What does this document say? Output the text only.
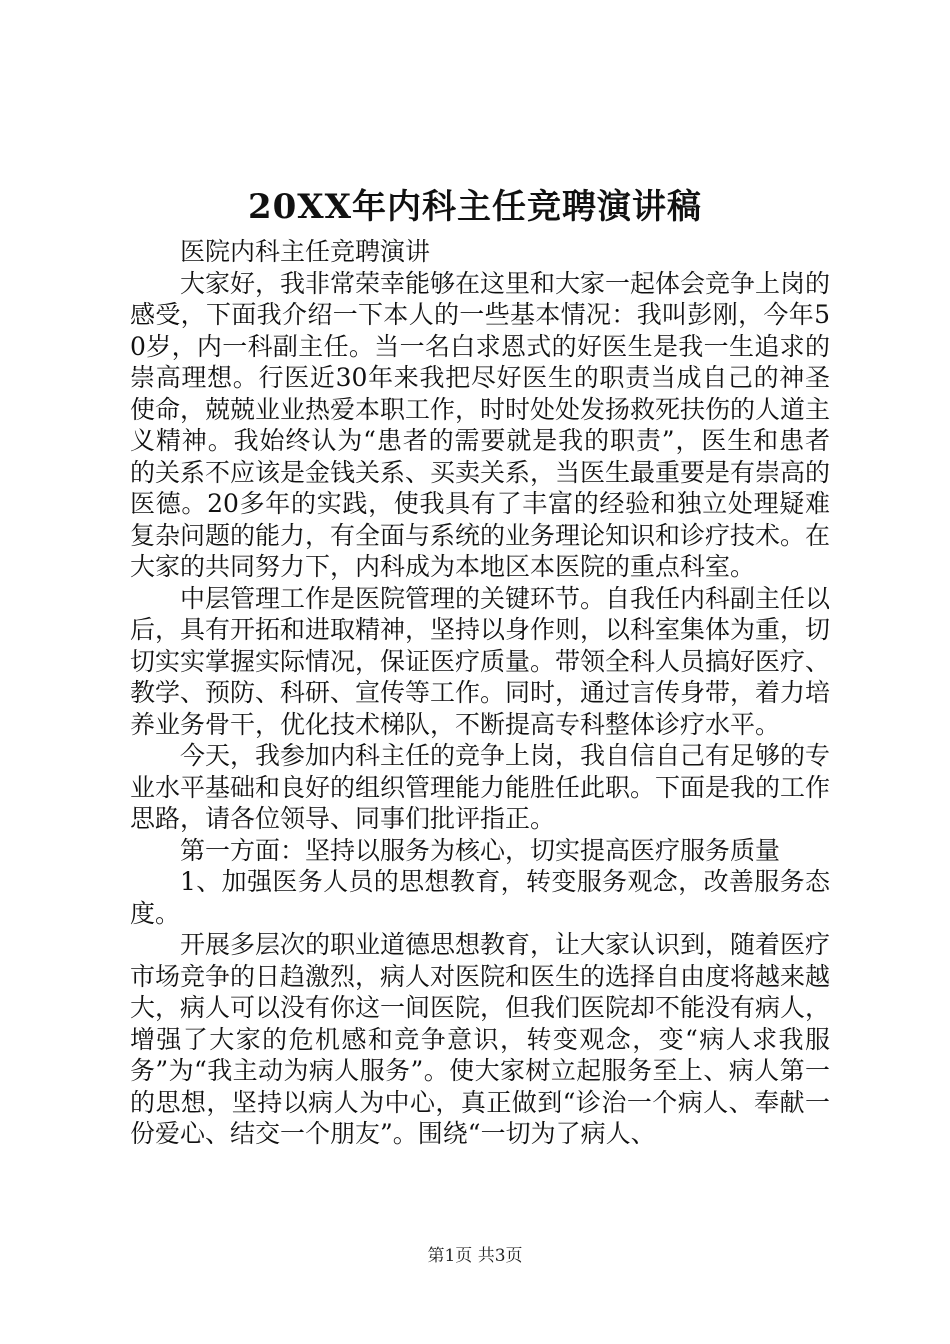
20XX年内科主任竞聘演讲稿

医院内科主任竞聘演讲

大家好，我非常荣幸能够在这里和大家一起体会竞争上岗的感受，下面我介绍一下本人的一些基本情况：我叫彭刚，今年50岁，内一科副主任。当一名白求恩式的好医生是我一生追求的崇高理想。行医近30年来我把尽好医生的职责当成自己的神圣使命，兢兢业业热爱本职工作，时时处处发扬救死扶伤的人道主义精神。我始终认为“患者的需要就是我的职责”，医生和患者的关系不应该是金钱关系、买卖关系，当医生最重要是有崇高的医德。20多年的实践，使我具有了丰富的经验和独立处理疑难复杂问题的能力，有全面与系统的业务理论知识和诊疗技术。在大家的共同努力下，内科成为本地区本医院的重点科室。

中层管理工作是医院管理的关键环节。自我任内科副主任以后，具有开拓和进取精神，坚持以身作则，以科室集体为重，切切实实掌握实际情况，保证医疗质量。带领全科人员搞好医疗、教学、预防、科研、宣传等工作。同时，通过言传身带，着力培养业务骨干，优化技术梯队，不断提高专科整体诊疗水平。

今天，我参加内科主任的竞争上岗，我自信自己有足够的专业水平基础和良好的组织管理能力能胜任此职。下面是我的工作思路，请各位领导、同事们批评指正。

第一方面：坚持以服务为核心，切实提高医疗服务质量

1、加强医务人员的思想教育，转变服务观念，改善服务态度。

开展多层次的职业道德思想教育，让大家认识到，随着医疗市场竞争的日趋激烈，病人对医院和医生的选择自由度将越来越大，病人可以没有你这一间医院，但我们医院却不能没有病人，增强了大家的危机感和竞争意识，转变观念，变“病人求我服务”为“我主动为病人服务”。使大家树立起服务至上、病人第一的思想，坚持以病人为中心，真正做到“诊治一个病人、奉献一份爱心、结交一个朋友”。围绕“一切为了病人、

第1页 共3页
